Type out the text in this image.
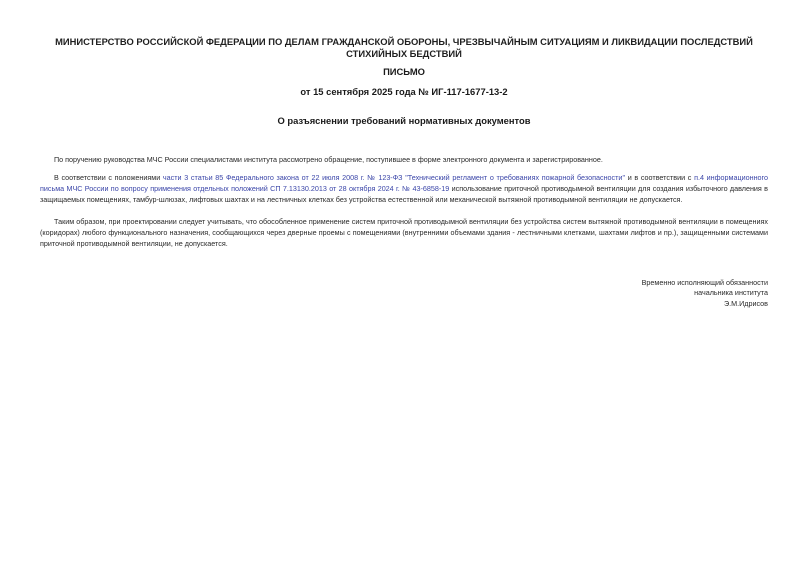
МИНИСТЕРСТВО РОССИЙСКОЙ ФЕДЕРАЦИИ ПО ДЕЛАМ ГРАЖДАНСКОЙ ОБОРОНЫ, ЧРЕЗВЫЧАЙНЫМ СИТУАЦИЯМ И ЛИКВИДАЦИИ ПОСЛЕДСТВИЙ СТИХИЙНЫХ БЕДСТВИЙ
ПИСЬМО
от 15 сентября 2025 года № ИГ-117-1677-13-2
О разъяснении требований нормативных документов
По поручению руководства МЧС России специалистами института рассмотрено обращение, поступившее в форме электронного документа и зарегистрированное.
В соответствии с положениями части 3 статьи 85 Федерального закона от 22 июля 2008 г. № 123-ФЗ "Технический регламент о требованиях пожарной безопасности" и в соответствии с п.4 информационного письма МЧС России по вопросу применения отдельных положений СП 7.13130.2013 от 28 октября 2024 г. № 43-6858-19 использование приточной противодымной вентиляции для создания избыточного давления в защищаемых помещениях, тамбур-шлюзах, лифтовых шахтах и на лестничных клетках без устройства естественной или механической вытяжной противодымной вентиляции не допускается.
Таким образом, при проектировании следует учитывать, что обособленное применение систем приточной противодымной вентиляции без устройства систем вытяжной противодымной вентиляции в помещениях (коридорах) любого функционального назначения, сообщающихся через дверные проемы с помещениями (внутренними объемами здания - лестничными клетками, шахтами лифтов и пр.), защищенными системами приточной противодымной вентиляции, не допускается.
Временно исполняющий обязанности
начальника института
Э.М.Идрисов
